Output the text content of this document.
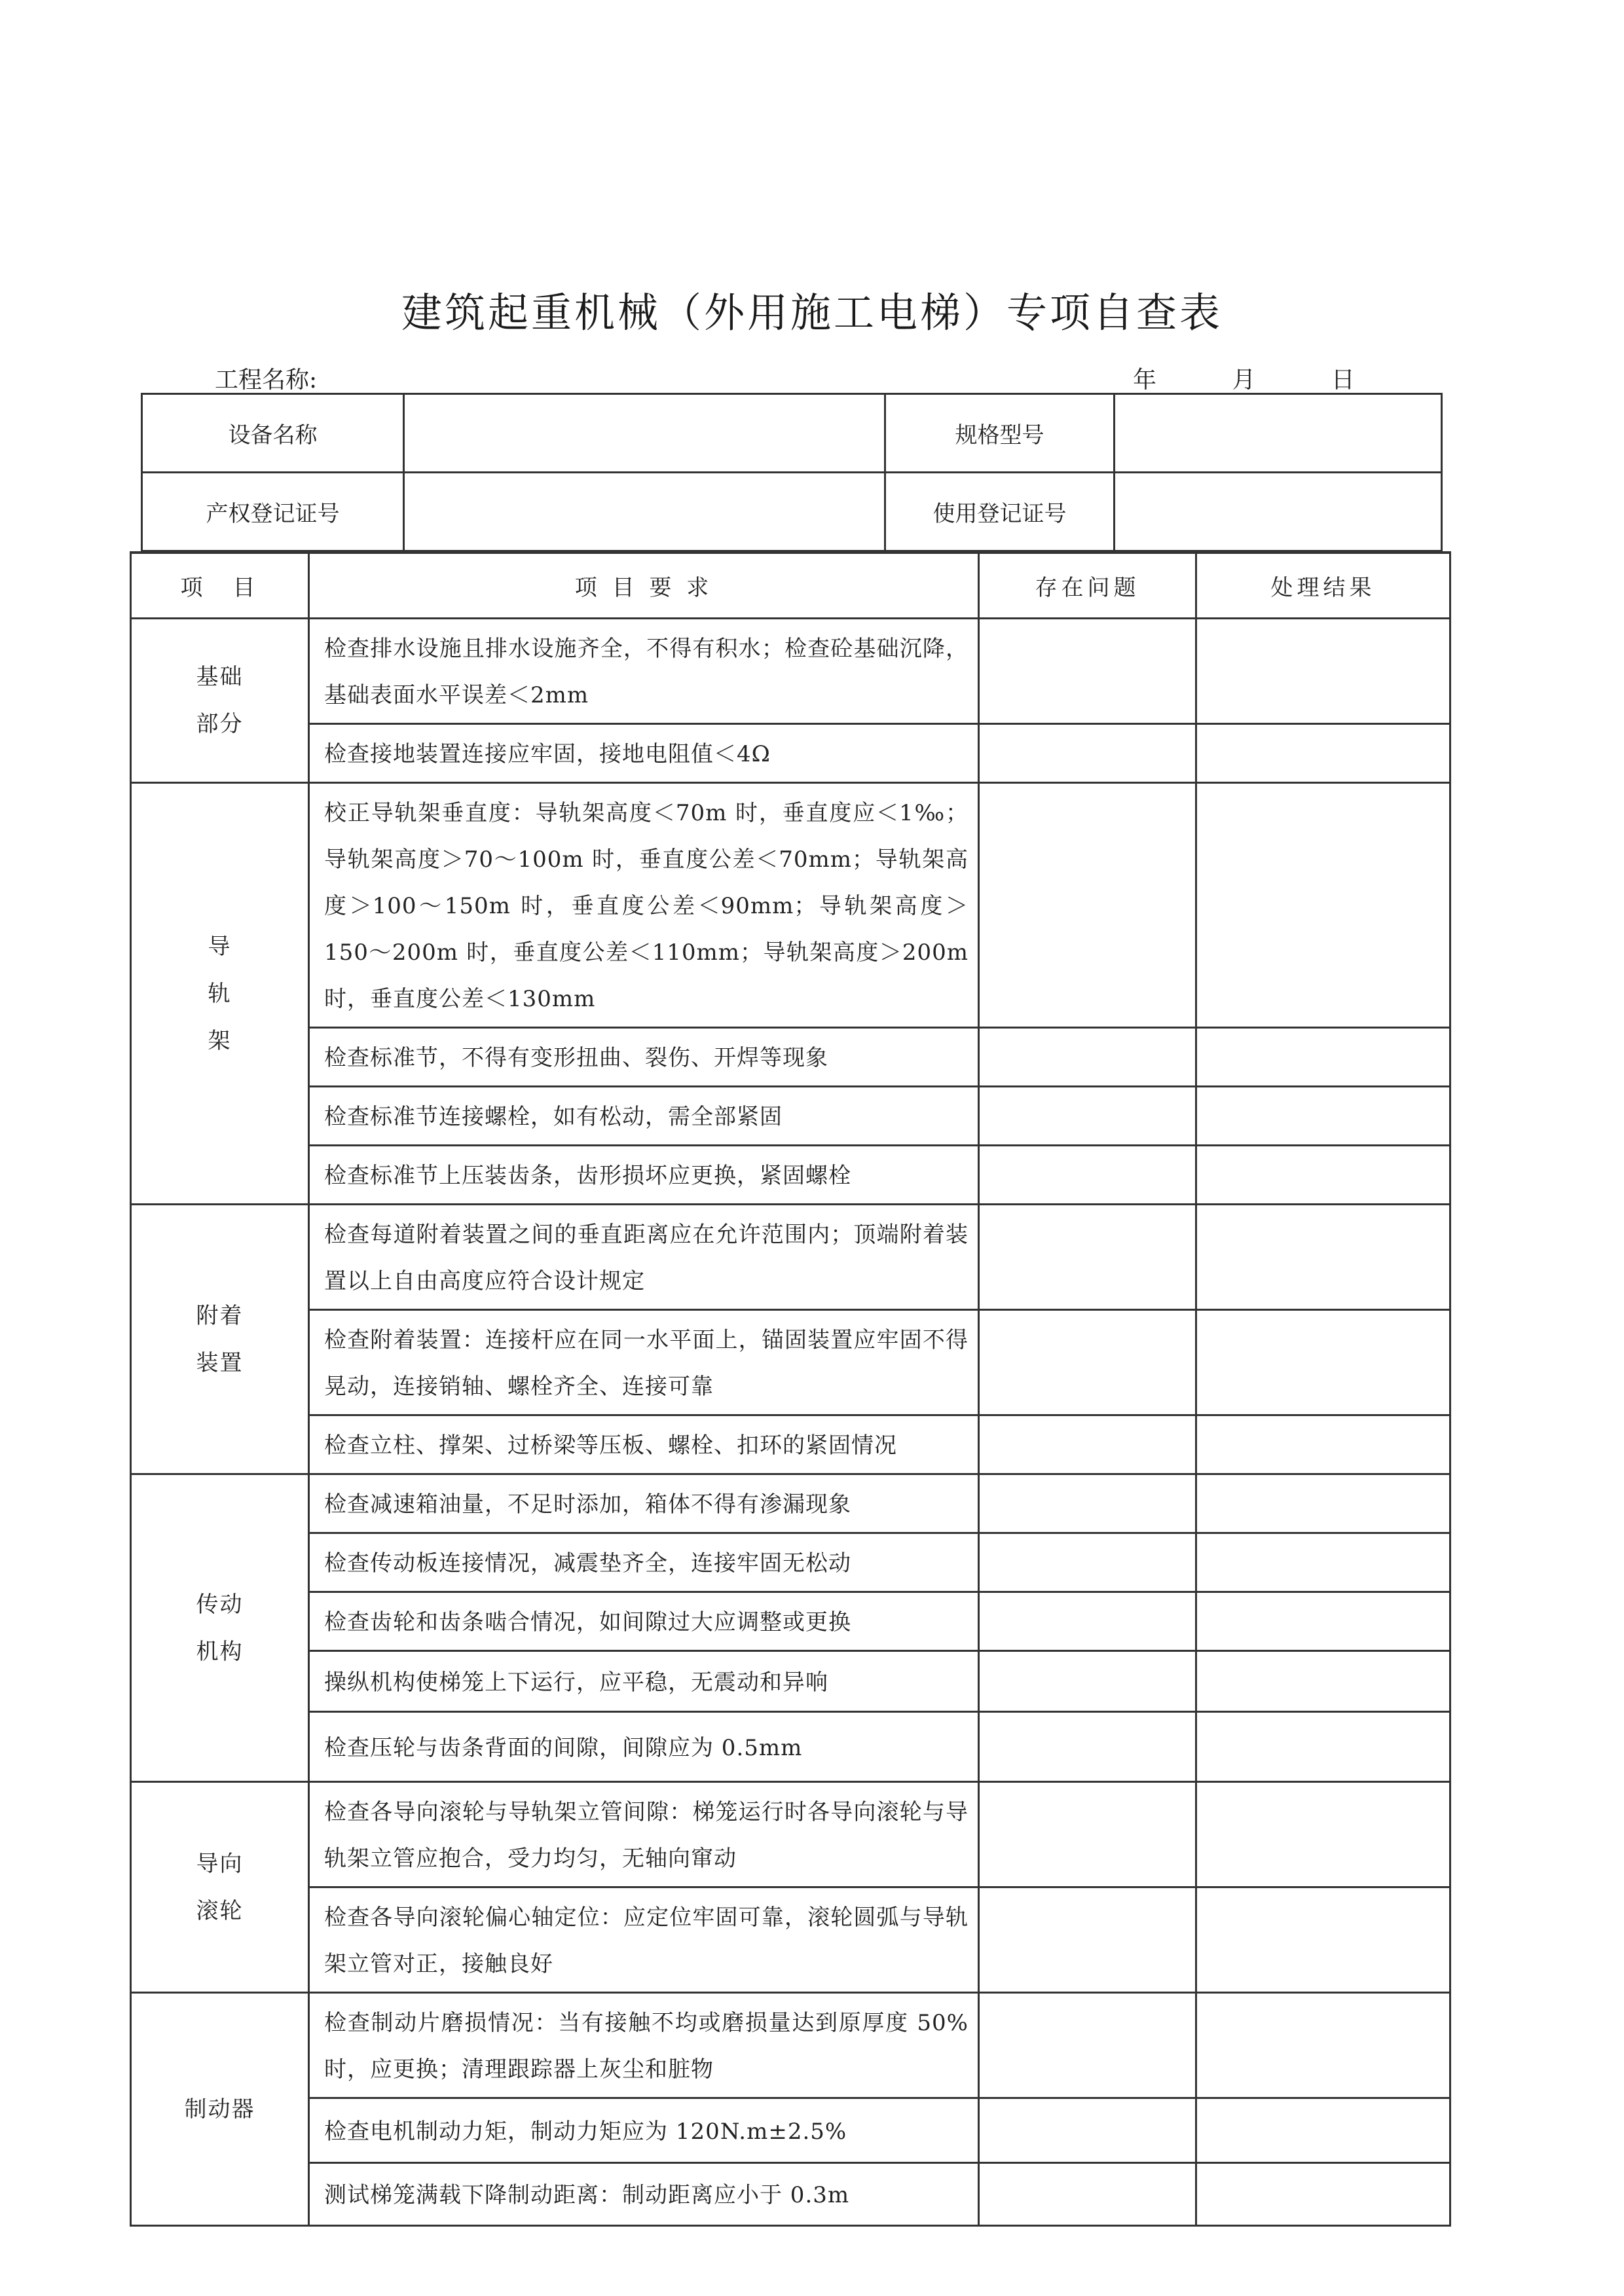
建筑起重机械（外用施工电梯）专项自查表
工程名称:	年 月 日
设备名称		规格型号	
产权登记证号		使用登记证号	
项　目	项 目 要 求	存在问题	处理结果

基础
部分	检查排水设施且排水设施齐全，不得有积水；检查砼基础沉降，基础表面水平误差＜2mm		
	检查接地装置连接应牢固，接地电阻值＜4Ω		

导
轨
架	校正导轨架垂直度：导轨架高度＜70m 时，垂直度应＜1‰；导轨架高度＞70～100m 时，垂直度公差＜70mm；导轨架高度＞100～150m 时，垂直度公差＜90mm；导轨架高度＞150～200m 时，垂直度公差＜110mm；导轨架高度＞200m 时，垂直度公差＜130mm		
	检查标准节，不得有变形扭曲、裂伤、开焊等现象		
	检查标准节连接螺栓，如有松动，需全部紧固		
	检查标准节上压装齿条，齿形损坏应更换，紧固螺栓		

附着
装置	检查每道附着装置之间的垂直距离应在允许范围内；顶端附着装置以上自由高度应符合设计规定		
	检查附着装置：连接杆应在同一水平面上，锚固装置应牢固不得晃动，连接销轴、螺栓齐全、连接可靠		
	检查立柱、撑架、过桥梁等压板、螺栓、扣环的紧固情况		

传动
机构	检查减速箱油量，不足时添加，箱体不得有渗漏现象		
	检查传动板连接情况，减震垫齐全，连接牢固无松动		
	检查齿轮和齿条啮合情况，如间隙过大应调整或更换		
	操纵机构使梯笼上下运行，应平稳，无震动和异响		
	检查压轮与齿条背面的间隙，间隙应为 0.5mm		

导向
滚轮	检查各导向滚轮与导轨架立管间隙：梯笼运行时各导向滚轮与导轨架立管应抱合，受力均匀，无轴向窜动		
	检查各导向滚轮偏心轴定位：应定位牢固可靠，滚轮圆弧与导轨架立管对正，接触良好		

制动器	检查制动片磨损情况：当有接触不均或磨损量达到原厚度 50%时，应更换；清理跟踪器上灰尘和脏物		
	检查电机制动力矩，制动力矩应为 120N.m±2.5%		
	测试梯笼满载下降制动距离：制动距离应小于 0.3m		
